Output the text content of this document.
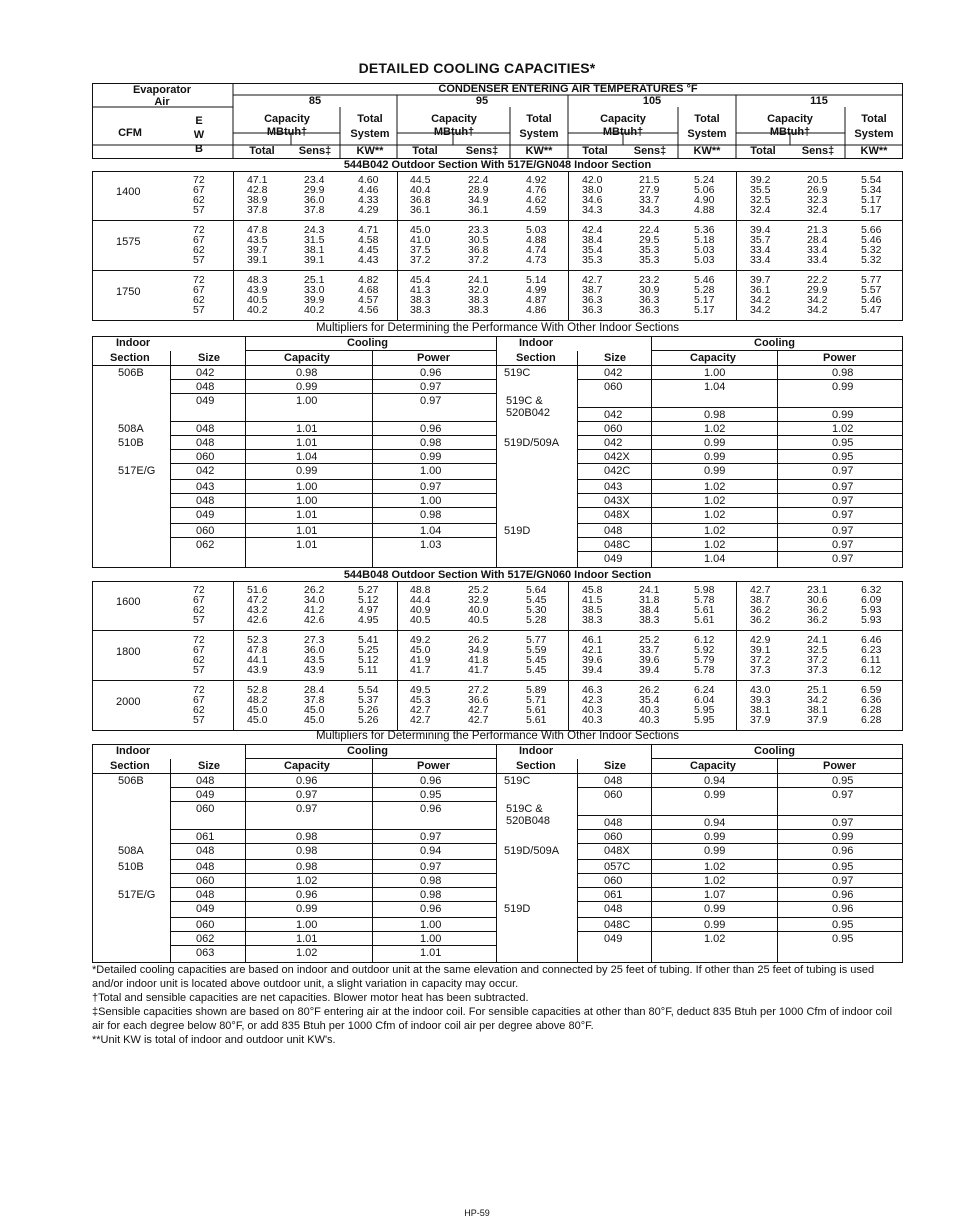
DETAILED COOLING CAPACITIES*
Evaporator
Air
CONDENSER ENTERING AIR TEMPERATURES °F
85	95	105	115
CFM
E
W
B
Capacity
MBtuh†
Total
System
KW**
Total Sens‡
Capacity
MBtuh†
Total
System
KW**
Total	Sens‡
Capacity
MBtuh†
Total
System
KW**
Total Sens‡
Capacity
MBtuh†
Total
System
KW**
Total Sens‡
544B042 Outdoor Section With 517E/GN048 Indoor Section
1400
72	47.1	23.4	4.60	44.5	22.4	4.92	42.0	21.5	5.24	39.2	20.5	5.54
67	42.8	29.9	4.46	40.4	28.9	4.76	38.0	27.9	5.06	35.5	26.9	5.34
62	38.9	36.0	4.33	36.8	34.9	4.62	34.6	33.7	4.90	32.5	32.3	5.17
57	37.8	37.8	4.29	36.1	36.1	4.59	34.3	34.3	4.88	32.4	32.4	5.17
1575
72	47.8	24.3	4.71	45.0	23.3	5.03	42.4	22.4	5.36	39.4	21.3	5.66
67	43.5	31.5	4.58	41.0	30.5	4.88	38.4	29.5	5.18	35.7	28.4	5.46
62	39.7	38.1	4.45	37.5	36.8	4.74	35.4	35.3	5.03	33.4	33.4	5.32
57	39.1	39.1	4.43	37.2	37.2	4.73	35.3	35.3	5.03	33.4	33.4	5.32
1750
72	48.3	25.1	4.82	45.4	24.1	5.14	42.7	23.2	5.46	39.7	22.2	5.77
67	43.9	33.0	4.68	41.3	32.0	4.99	38.7	30.9	5.28	36.1	29.9	5.57
62	40.5	39.9	4.57	38.3	38.3	4.87	36.3	36.3	5.17	34.2	34.2	5.46
57	40.2	40.2	4.56	38.3	38.3	4.86	36.3	36.3	5.17	34.2	34.2	5.47
Multipliers for Determining the Performance With Other Indoor Sections
Indoor
Section	Size
Cooling
Capacity	Power
Indoor
Section	Size
Cooling
Capacity	Power
506B	042	0.98	0.96
048	0.99	0.97
049	1.00	0.97
508A	048	1.01	0.96
510B	048	1.01	0.98
060	1.04	0.99
517E/G	042	0.99	1.00
043	1.00	0.97
048	1.00	1.00
049	1.01	0.98
060	1.01	1.04
062	1.01	1.03
519C	042	1.00	0.98
060	1.04	0.99
519C &
520B042	042	0.98	0.99
060	1.02	1.02
519D/509A	042	0.99	0.95
042X	0.99	0.95
042C	0.99	0.97
043	1.02	0.97
043X	1.02	0.97
048X	1.02	0.97
519D	048	1.02	0.97
048C	1.02	0.97
049	1.04	0.97
544B048 Outdoor Section With 517E/GN060 Indoor Section
1600
72	51.6	26.2	5.27	48.8	25.2	5.64	45.8	24.1	5.98	42.7	23.1	6.32
67	47.2	34.0	5.12	44.4	32.9	5.45	41.5	31.8	5.78	38.7	30.6	6.09
62	43.2	41.2	4.97	40.9	40.0	5.30	38.5	38.4	5.61	36.2	36.2	5.93
57	42.6	42.6	4.95	40.5	40.5	5.28	38.3	38.3	5.61	36.2	36.2	5.93
1800
72	52.3	27.3	5.41	49.2	26.2	5.77	46.1	25.2	6.12	42.9	24.1	6.46
67	47.8	36.0	5.25	45.0	34.9	5.59	42.1	33.7	5.92	39.1	32.5	6.23
62	44.1	43.5	5.12	41.9	41.8	5.45	39.6	39.6	5.79	37.2	37.2	6.11
57	43.9	43.9	5.11	41.7	41.7	5.45	39.4	39.4	5.78	37.3	37.3	6.12
2000
72	52.8	28.4	5.54	49.5	27.2	5.89	46.3	26.2	6.24	43.0	25.1	6.59
67	48.2	37.8	5.37	45.3	36.6	5.71	42.3	35.4	6.04	39.3	34.2	6.36
62	45.0	45.0	5.26	42.7	42.7	5.61	40.3	40.3	5.95	38.1	38.1	6.28
57	45.0	45.0	5.26	42.7	42.7	5.61	40.3	40.3	5.95	37.9	37.9	6.28
Multipliers for Determining the Performance With Other Indoor Sections
Indoor
Section	Size
Cooling
Capacity	Power
Indoor
Section	Size
Cooling
Capacity	Power
506B	048	0.96	0.96
049	0.97	0.95
060	0.97	0.96
061	0.98	0.97
508A	048	0.98	0.94
510B	048	0.98	0.97
060	1.02	0.98
517E/G	048	0.96	0.98
049	0.99	0.96
060	1.00	1.00
062	1.01	1.00
063	1.02	1.01
519C	048	0.94	0.95
060	0.99	0.97
519C &
520B048	048	0.94	0.97
060	0.99	0.99
519D/509A	048X	0.99	0.96
057C	1.02	0.95
060	1.02	0.97
061	1.07	0.96
519D	048	0.99	0.96
048C	0.99	0.95
049	1.02	0.95

*Detailed cooling capacities are based on indoor and outdoor unit at the same elevation and connected by 25 feet of tubing. If other than 25 feet of tubing is used and/or indoor unit is located above outdoor unit, a slight variation in capacity may occur.

†Total and sensible capacities are net capacities. Blower motor heat has been subtracted.

‡Sensible capacities shown are based on 80°F entering air at the indoor coil. For sensible capacities at other than 80°F, deduct 835 Btuh per 1000 Cfm of indoor coil air for each degree below 80°F, or add 835 Btuh per 1000 Cfm of indoor coil air per degree above 80°F.

**Unit KW is total of indoor and outdoor unit KW's.

HP-59
